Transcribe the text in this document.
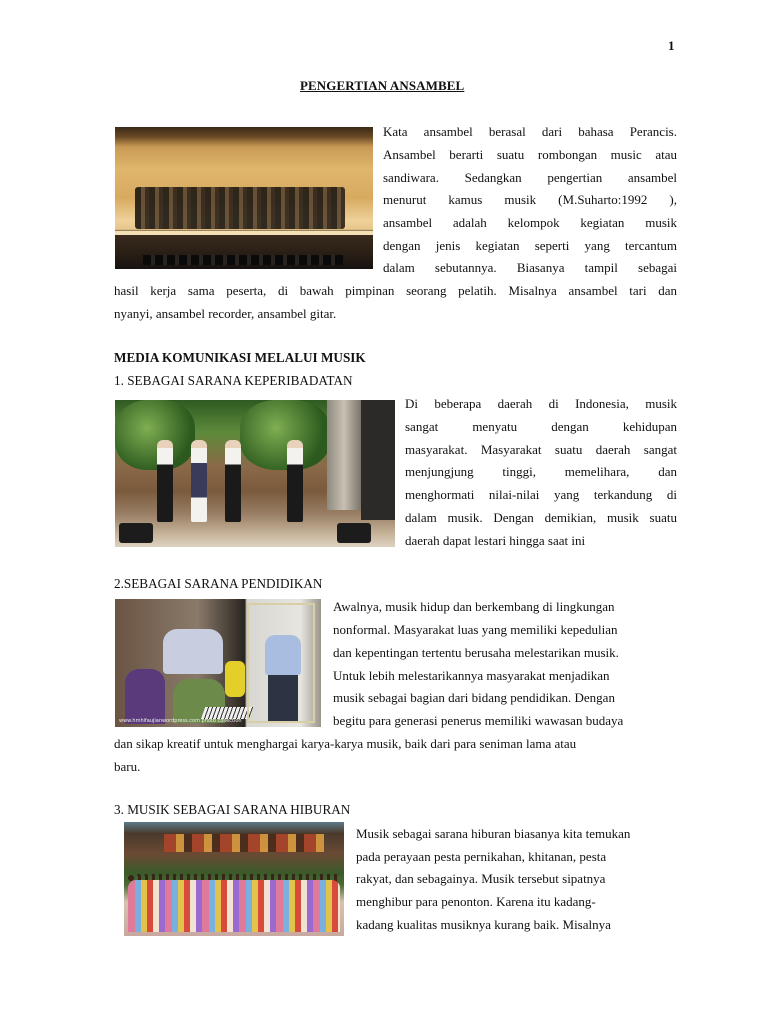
1
PENGERTIAN ANSAMBEL
Kata ansambel berasal dari bahasa Perancis.
Ansambel berarti suatu rombongan music atau
sandiwara. Sedangkan pengertian ansambel
menurut kamus musik (M.Suharto:1992 ),
ansambel adalah kelompok kegiatan musik
dengan jenis kegiatan seperti yang tercantum
dalam sebutannya. Biasanya tampil sebagai
hasil kerja sama peserta, di bawah pimpinan seorang pelatih. Misalnya ansambel tari dan
nyanyi, ansambel recorder, ansambel gitar.
MEDIA KOMUNIKASI MELALUI MUSIK
1. SEBAGAI SARANA KEPERIBADATAN
Di beberapa daerah di Indonesia, musik
sangat menyatu dengan kehidupan
masyarakat. Masyarakat suatu daerah sangat
menjungjung tinggi, memelihara, dan
menghormati nilai-nilai yang terkandung di
dalam musik. Dengan demikian, musik suatu
daerah dapat lestari hingga saat ini
2.SEBAGAI SARANA PENDIDIKAN
www.hmhifaujianwordpress.com photo collection
Awalnya, musik hidup dan berkembang di lingkungan
nonformal. Masyarakat luas yang memiliki kepedulian
dan kepentingan tertentu berusaha melestarikan musik.
Untuk lebih melestarikannya masyarakat menjadikan
musik sebagai bagian dari bidang pendidikan. Dengan
begitu para generasi penerus memiliki wawasan budaya
dan sikap kreatif untuk menghargai karya-karya musik, baik dari para seniman lama atau
baru.
3. MUSIK SEBAGAI SARANA HIBURAN
Musik sebagai sarana hiburan biasanya kita temukan
pada perayaan pesta pernikahan, khitanan, pesta
rakyat, dan sebagainya. Musik tersebut sipatnya
menghibur para penonton. Karena itu kadang-
kadang kualitas musiknya kurang baik. Misalnya
